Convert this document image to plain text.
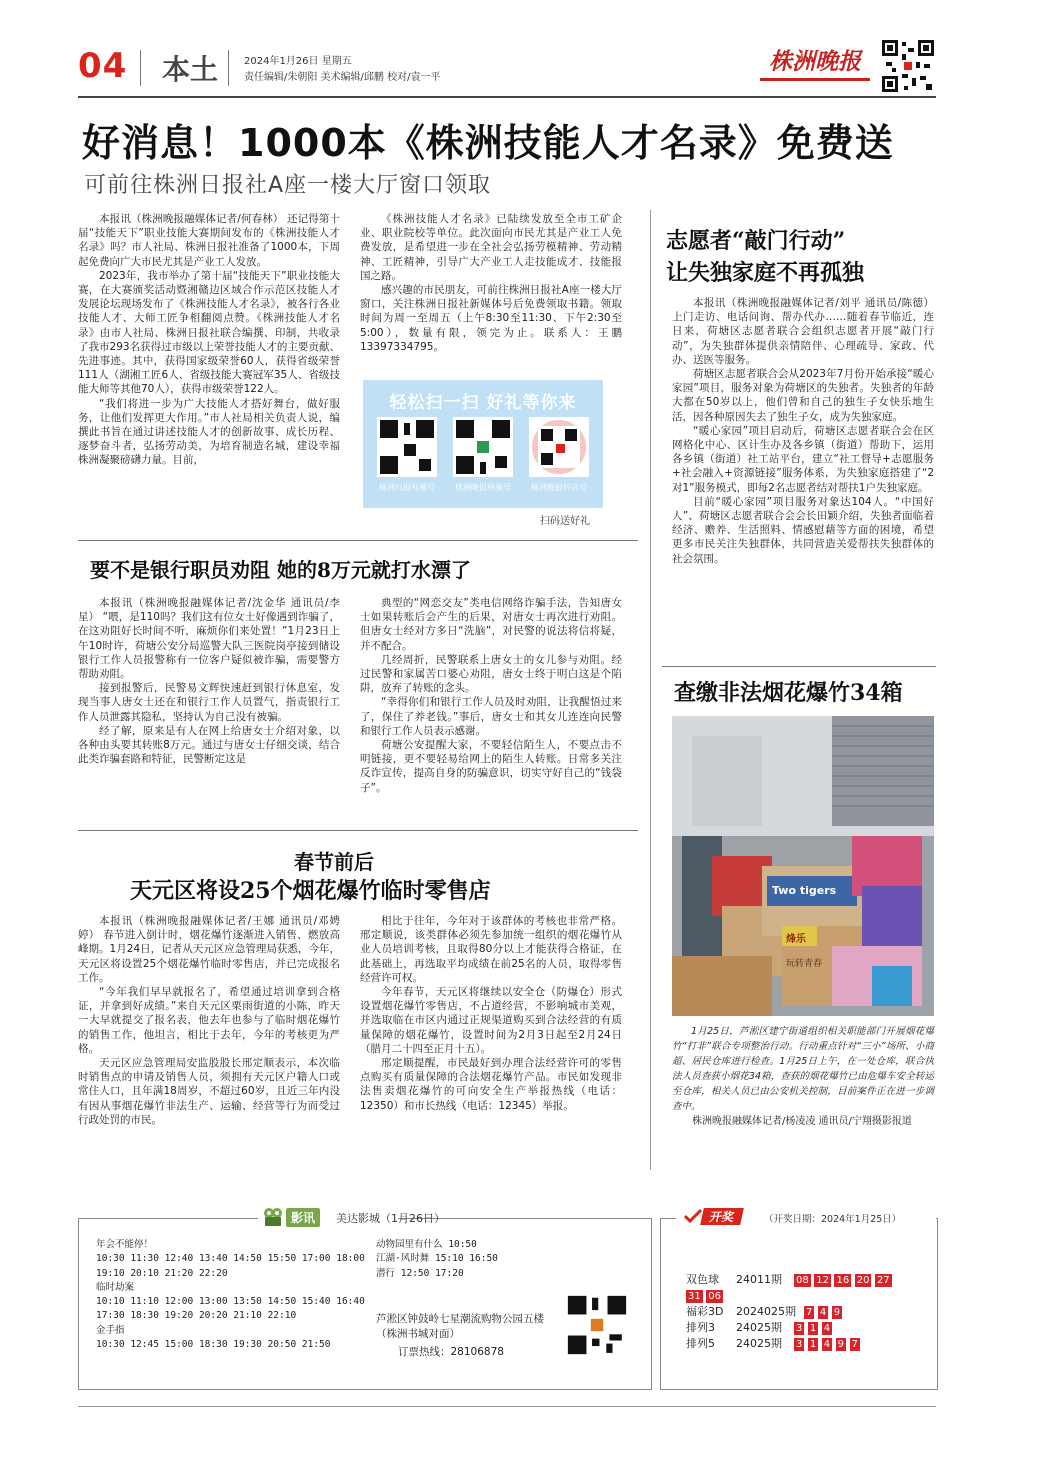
04 本土	2024年1月26日 星期五
责任编辑/朱朝阳 美术编辑/邱鹏 校对/袁一平
株洲晚报
好消息！1000本《株洲技能人才名录》免费送
可前往株洲日报社A座一楼大厅窗口领取

本报讯（株洲晚报融媒体记者/何春林） 还记得第十届“技能天下”职业技能大赛期间发布的《株洲技能人才名录》吗？市人社局、株洲日报社准备了1000本，下周起免费向广大市民尤其是产业工人发放。

2023年，我市举办了第十届“技能天下”职业技能大赛，在大赛颁奖活动暨湘赣边区域合作示范区技能人才发展论坛现场发布了《株洲技能人才名录》，被各行各业技能人才、大师工匠争相翻阅点赞。《株洲技能人才名录》由市人社局、株洲日报社联合编撰、印制，共收录了我市293名获得过市级以上荣誉技能人才的主要贡献、先进事迹。其中，获得国家级荣誉60人，获得省级荣誉111人（湖湘工匠6人、省级技能大赛冠军35人、省级技能大师等其他70人），获得市级荣誉122人。

“我们将进一步为广大技能人才搭好舞台，做好服务，让他们发挥更大作用。”市人社局相关负责人说，编撰此书旨在通过讲述技能人才的创新故事、成长历程、逐梦奋斗者，弘扬劳动美，为培育制造名城，建设幸福株洲凝聚磅礴力量。目前，

《株洲技能人才名录》已陆续发放至全市工矿企业、职业院校等单位。此次面向市民尤其是产业工人免费发放，是希望进一步在全社会弘扬劳模精神、劳动精神、工匠精神，引导广大产业工人走技能成才、技能报国之路。

感兴趣的市民朋友，可前往株洲日报社A座一楼大厅窗口，关注株洲日报社新媒体号后免费领取书籍。领取时间为周一至周五（上午8:30至11:30、下午2:30至5:00），数量有限，领完为止。联系人：王鹏13397334795。

轻松扫一扫 好礼等你来
株洲日报视频号	株洲晚报视频号	株洲晚报抖音号
扫码送好礼
志愿者“敲门行动”
让失独家庭不再孤独

本报讯（株洲晚报融媒体记者/刘平 通讯员/陈德） 上门走访、电话问询、帮办代办……随着春节临近，连日来，荷塘区志愿者联合会组织志愿者开展“敲门行动”，为失独群体提供亲情陪伴、心理疏导、家政、代办、送医等服务。

荷塘区志愿者联合会从2023年7月份开始承接“暖心家园”项目，服务对象为荷塘区的失独者。失独者的年龄大都在50岁以上，他们曾和自己的独生子女快乐地生活，因各种原因失去了独生子女，成为失独家庭。

“暖心家园”项目启动后，荷塘区志愿者联合会在区网格化中心、区计生办及各乡镇（街道）帮助下，运用各乡镇（街道）社工站平台，建立“社工督导+志愿服务+社会融入+资源链接”服务体系，为失独家庭搭建了“2对1”服务模式，即每2名志愿者结对帮扶1户失独家庭。

目前“暖心家园”项目服务对象达104人。“中国好人”、荷塘区志愿者联合会会长田颖介绍，失独者面临着经济、赡养、生活照料、情感慰藉等方面的困境，希望更多市民关注失独群体，共同营造关爱帮扶失独群体的社会氛围。

要不是银行职员劝阻 她的8万元就打水漂了

本报讯（株洲晚报融媒体记者/沈金华 通讯员/李星） “喂，是110吗？我们这有位女士好像遇到诈骗了，在这劝阻好长时间不听，麻烦你们来处置！”1月23日上午10时许，荷塘公安分局巡警大队三医院岗亭接到储设银行工作人员报警称有一位客户疑似被诈骗，需要警方帮助劝阻。

接到报警后，民警易文辉快速赶到银行休息室，发现当事人唐女士还在和银行工作人员置气，指责银行工作人员泄露其隐私，坚持认为自己没有被骗。

经了解，原来是有人在网上给唐女士介绍对象，以各种由头要其转账8万元。通过与唐女士仔细交谈，结合此类诈骗套路和特征，民警断定这是

典型的“网恋交友”类电信网络诈骗手法，告知唐女士如果转账后会产生的后果，对唐女士再次进行劝阻。但唐女士经对方多日“洗脑”，对民警的说法将信将疑，并不配合。

几经周折，民警联系上唐女士的女儿参与劝阻。经过民警和家属苦口婆心劝阻，唐女士终于明白这是个陷阱，放弃了转账的念头。

“幸得你们和银行工作人员及时劝阻，让我醒悟过来了，保住了养老钱。”事后，唐女士和其女儿连连向民警和银行工作人员表示感谢。

荷塘公安提醒大家，不要轻信陌生人，不要点击不明链接，更不要轻易给网上的陌生人转账。日常多关注反诈宣传，提高自身的防骗意识，切实守好自己的“钱袋子”。

春节前后
天元区将设25个烟花爆竹临时零售店

本报讯（株洲晚报融媒体记者/王娜 通讯员/邓娉婷） 春节进入倒计时，烟花爆竹逐渐进入销售、燃放高峰期。1月24日，记者从天元区应急管理局获悉，今年，天元区将设置25个烟花爆竹临时零售店，并已完成报名工作。

“今年我们早早就报名了，希望通过培训拿到合格证，并拿到好成绩。”来自天元区栗雨街道的小陈，昨天一大早就提交了报名表，他去年也参与了临时烟花爆竹的销售工作，他坦言，相比于去年，今年的考核更为严格。

天元区应急管理局安监股股长邢定顺表示，本次临时销售点的申请及销售人员，须拥有天元区户籍人口或常住人口，且年满18周岁，不超过60岁，且近三年内没有因从事烟花爆竹非法生产、运输、经营等行为而受过行政处罚的市民。

相比于往年，今年对于该群体的考核也非常严格。邢定顺说，该类群体必须先参加统一组织的烟花爆竹从业人员培训考核，且取得80分以上才能获得合格证，在此基础上，再选取平均成绩在前25名的人员，取得零售经营许可权。

今年春节，天元区将继续以安全仓（防爆仓）形式设置烟花爆竹零售店，不占道经营，不影响城市美观，并选取临在市区内通过正规渠道购买到合法经营的有质量保障的烟花爆竹，设置时间为2月3日起至2月24日（腊月二十四至正月十五）。

邢定顺提醒，市民最好到办理合法经营许可的零售点购买有质量保障的合法烟花爆竹产品。市民如发现非法售卖烟花爆竹的可向安全生产举报热线（电话：12350）和市长热线（电话：12345）举报。

查缴非法烟花爆竹34箱
Two tigers
烽乐
玩转青春
1月25日，芦淞区建宁街道组织相关职能部门开展烟花爆竹“打非”联合专项整治行动。行动重点针对“三小”场所、小商超、居民仓库进行检查。1月25日上午，在一处仓库，联合执法人员查获小烟花34箱，查获的烟花爆竹已由危爆车安全转运至仓库，相关人员已由公安机关控制，目前案件正在进一步调查中。
株洲晚报融媒体记者/杨凌凌 通讯员/宁翔摄影报道
影讯	美达影城（1月26日）
年会不能停！
10:30 11:30 12:40 13:40 14:50 15:50 17:00 18:00 19:10 20:10 21:20 22:20
临时劫案
10:10 11:10 12:00 13:00 13:50 14:50 15:40 16:40 17:30 18:30 19:20 20:20 21:10 22:10
金手指
10:30 12:45 15:00 18:30 19:30 20:50 21:50
动物园里有什么 10:50
江湖·风时舞 15:10 16:50
潜行 12:50 17:20
芦淞区钟鼓岭七星潮流购物公园五楼（株洲书城对面）
订票热线：28106878
开奖	（开奖日期：2024年1月25日）
双色球 24011期 08 12 16 20 27
31 06
福彩3D 2024025期 7 4 9
排列3 24025期 3 1 4
排列5 24025期 3 1 4 9 7
